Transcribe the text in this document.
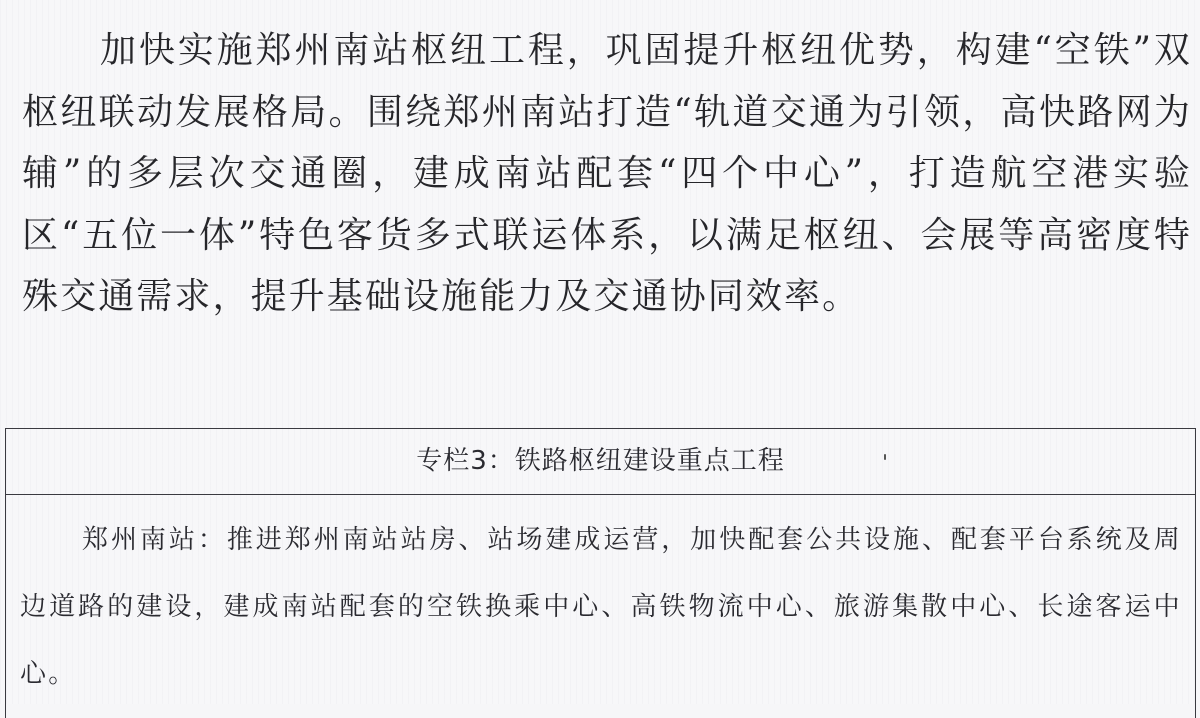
加快实施郑州南站枢纽工程，巩固提升枢纽优势，构建“空铁”双枢纽联动发展格局。围绕郑州南站打造“轨道交通为引领，高快路网为辅”的多层次交通圈，建成南站配套“四个中心”，打造航空港实验区“五位一体”特色客货多式联运体系，以满足枢纽、会展等高密度特殊交通需求，提升基础设施能力及交通协同效率。

专栏3：铁路枢纽建设重点工程

郑州南站：推进郑州南站站房、站场建成运营，加快配套公共设施、配套平台系统及周边道路的建设，建成南站配套的空铁换乘中心、高铁物流中心、旅游集散中心、长途客运中心。
